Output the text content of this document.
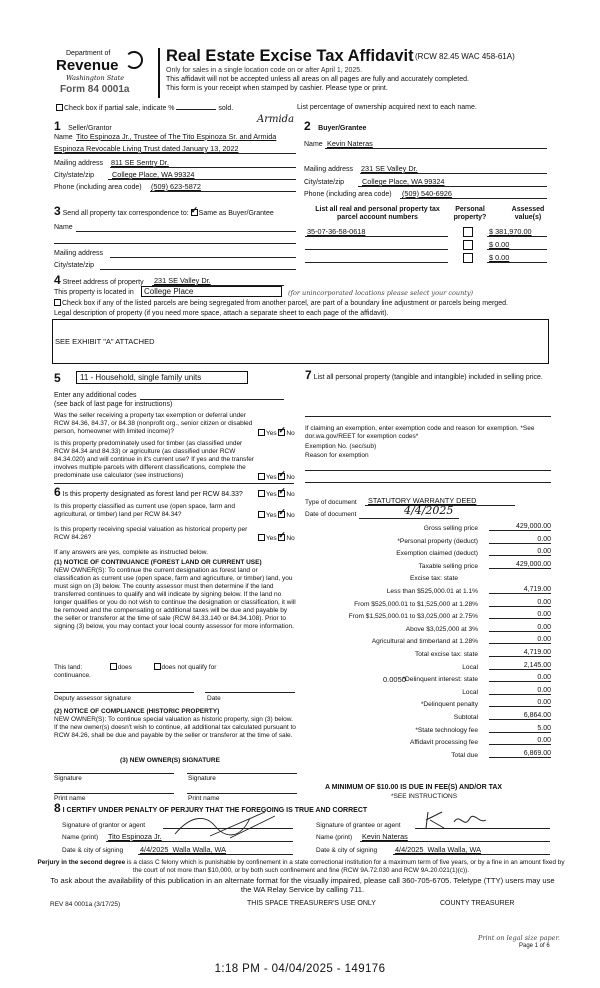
Department of
Revenue
Washington State
Form 84 0001a
Real Estate Excise Tax Affidavit (RCW 82.45 WAC 458-61A)
Only for sales in a single location code on or after April 1, 2025.
This affidavit will not be accepted unless all areas on all pages are fully and accurately completed.
This form is your receipt when stamped by cashier. Please type or print.
Check box if partial sale, indicate %	sold.	List percentage of ownership acquired next to each name.
1 Seller/Grantor
Armida
Name Tito Espinoza Jr., Trustee of The Tito Espinoza Sr. and Armida
Espinoza Revocable Living Trust dated January 13, 2022
Mailing address 811 SE Sentry Dr.
City/state/zip College Place, WA 99324
Phone (including area code) (509) 623-5872
2 Buyer/Grantee
Name Kevin Nateras
Mailing address 231 SE Valley Dr.
City/state/zip College Place, WA 99324
Phone (including area code) (509) 540-6926
3 Send all property tax correspondence to: ✓ Same as Buyer/Grantee
Name
Mailing address
City/state/zip
List all real and personal property tax
parcel account numbers
Personal
property?
Assessed
value(s)
35-07-36-58-0618	$ 381,970.00
$ 0.00
$ 0.00
4 Street address of property 231 SE Valley Dr.
This property is located in	College Place	(for unincorporated locations please select your county)
Check box if any of the listed parcels are being segregated from another parcel, are part of a boundary line adjustment or parcels being merged.
Legal description of property (if you need more space, attach a separate sheet to each page of the affidavit).
SEE EXHIBIT "A" ATTACHED
5	11 - Household, single family units
Enter any additional codes
(see back of last page for instructions)
Was the seller receiving a property tax exemption or deferral under RCW 84.36, 84.37, or 84.38 (nonprofit org., senior citizen or disabled person, homeowner with limited income)?	Yes ✓ No
Is this property predominately used for timber (as classified under RCW 84.34 and 84.33) or agriculture (as classified under RCW 84.34.020) and will continue in it's current use? If yes and the transfer involves multiple parcels with different classifications, complete the predominate use calculator (see instructions)	Yes ✓ No
6 Is this property designated as forest land per RCW 84.33?	Yes ✓ No
Is this property classified as current use (open space, farm and agricultural, or timber) land per RCW 84.34?	Yes ✓ No
Is this property receiving special valuation as historical property per RCW 84.26?	Yes ✓ No
If any answers are yes, complete as instructed below.
(1) NOTICE OF CONTINUANCE (FOREST LAND OR CURRENT USE)
NEW OWNER(S): To continue the current designation as forest land or classification as current use (open space, farm and agriculture, or timber) land, you must sign on (3) below. The county assessor must then determine if the land transferred continues to qualify and will indicate by signing below. If the land no longer qualifies or you do not wish to continue the designation or classification, it will be removed and the compensating or additional taxes will be due and payable by the seller or transferor at the time of sale (RCW 84.33.140 or 84.34.108). Prior to signing (3) below, you may contact your local county assessor for more information.
This land:	does	does not qualify for
continuance.
Deputy assessor signature	Date
(2) NOTICE OF COMPLIANCE (HISTORIC PROPERTY)
NEW OWNER(S): To continue special valuation as historic property, sign (3) below. If the new owner(s) doesn't wish to continue, all additional tax calculated pursuant to RCW 84.26, shall be due and payable by the seller or transferor at the time of sale.
(3) NEW OWNER(S) SIGNATURE
Signature	Signature
Print name	Print name
7 List all personal property (tangible and intangible) included in selling price.
If claiming an exemption, enter exemption code and reason for exemption. *See dor.wa.gov/REET for exemption codes*
Exemption No. (sec/sub)
Reason for exemption
Type of document STATUTORY WARRANTY DEED
Date of document	4/4/2025
Gross selling price	429,000.00
*Personal property (deduct)	0.00
Exemption claimed (deduct)	0.00
Taxable selling price	429,000.00
Excise tax: state
Less than $525,000.01 at 1.1%	4,719.00
From $525,000.01 to $1,525,000 at 1.28%	0.00
From $1,525,000.01 to $3,025,000 at 2.75%	0.00
Above $3,025,000 at 3%	0.00
Agricultural and timberland at 1.28%	0.00
Total excise tax: state	4,719.00
Local	2,145.00
*Delinquent interest: state	0.00
Local	0.00
*Delinquent penalty	0.00
Subtotal	6,864.00
*State technology fee	5.00
Affidavit processing fee	0.00
Total due	6,869.00
0.0050
A MINIMUM OF $10.00 IS DUE IN FEE(S) AND/OR TAX
*SEE INSTRUCTIONS
8 I CERTIFY UNDER PENALTY OF PERJURY THAT THE FOREGOING IS TRUE AND CORRECT
Signature of grantor or agent
Name (print) Tito Espinoza Jr.
Date & city of signing 4/4/2025  Walla Walla, WA
Signature of grantee or agent
Name (print) Kevin Nateras
Date & city of signing 4/4/2025  Walla Walla, WA
Perjury in the second degree is a class C felony which is punishable by confinement in a state correctional institution for a maximum term of five years, or by a fine in an amount fixed by the court of not more than $10,000, or by both such confinement and fine (RCW 9A.72.030 and RCW 9A.20.021(1)(c)).
To ask about the availability of this publication in an alternate format for the visually impaired, please call 360-705-6705. Teletype (TTY) users may use the WA Relay Service by calling 711.
REV 84 0001a (3/17/25)	THIS SPACE TREASURER'S USE ONLY	COUNTY TREASURER
Print on legal size paper.
Page 1 of 6
1:18 PM - 04/04/2025 - 149176
